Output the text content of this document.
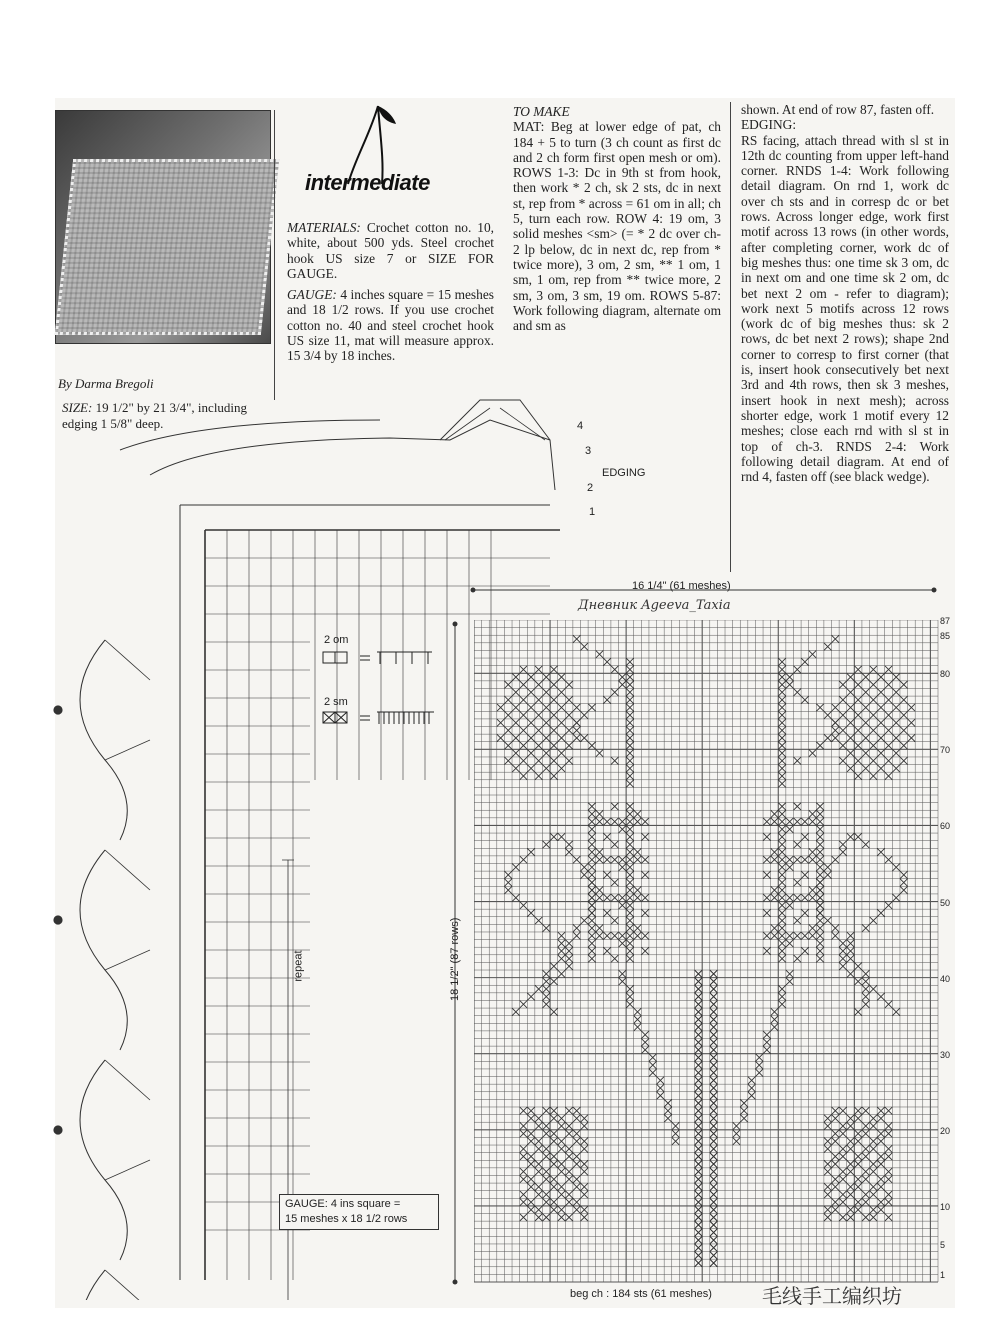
By Darma Bregoli
SIZE: 19 1/2" by 21 3/4", including edging 1 5/8" deep.
intermediate

MATERIALS: Crochet cotton no. 10, white, about 500 yds. Steel crochet hook US size 7 or SIZE FOR GAUGE.

GAUGE: 4 inches square = 15 meshes and 18 1/2 rows. If you use crochet cotton no. 40 and steel crochet hook US size 11, mat will measure approx. 15 3/4 by 18 inches.

TO MAKE

MAT: Beg at lower edge of pat, ch 184 + 5 to turn (3 ch count as first dc and 2 ch form first open mesh or om). ROWS 1-3: Dc in 9th st from hook, then work * 2 ch, sk 2 sts, dc in next st, rep from * across = 61 om in all; ch 5, turn each row. ROW 4: 19 om, 3 solid meshes <sm> (= * 2 dc over ch-2 lp below, dc in next dc, rep from * twice more), 3 om, 2 sm, ** 1 om, 1 sm, 1 om, rep from ** twice more, 2 sm, 3 om, 3 sm, 19 om. ROWS 5-87: Work following diagram, alternate om and sm as

shown. At end of row 87, fasten off.

EDGING:

RS facing, attach thread with sl st in 12th dc counting from upper left-hand corner. RNDS 1-4: Work following detail diagram. On rnd 1, work dc over ch sts and in corresp dc or bet rows. Across longer edge, work first motif across 13 rows (in other words, after completing corner, work dc of big meshes thus: one time sk 3 om, dc in next om and one time sk 2 om, dc bet next 2 om - refer to diagram); work next 5 motifs across 12 rows (work dc of big meshes thus: sk 2 rows, dc bet next 2 rows); shape 2nd corner to corresp to first corner (that is, insert hook consecutively bet next 3rd and 4th rows, then sk 3 meshes, insert hook in next mesh); across shorter edge, work 1 motif every 12 meshes; close each rnd with sl st in top of ch-3. RNDS 2-4: Work following detail diagram. At end of rnd 4, fasten off (see black wedge).

EDGING
4
3
2
1
repeat
2 om
2 sm
GAUGE: 4 ins square =
15 meshes x 18 1/2 rows
16 1/4" (61 meshes)
18 1/2" (87 rows)
Дневник Ageeva_Taxia
beg ch : 184 sts (61 meshes)
87
85
80
70
60
50
40
30
20
10
5
1
毛线手工编织坊
